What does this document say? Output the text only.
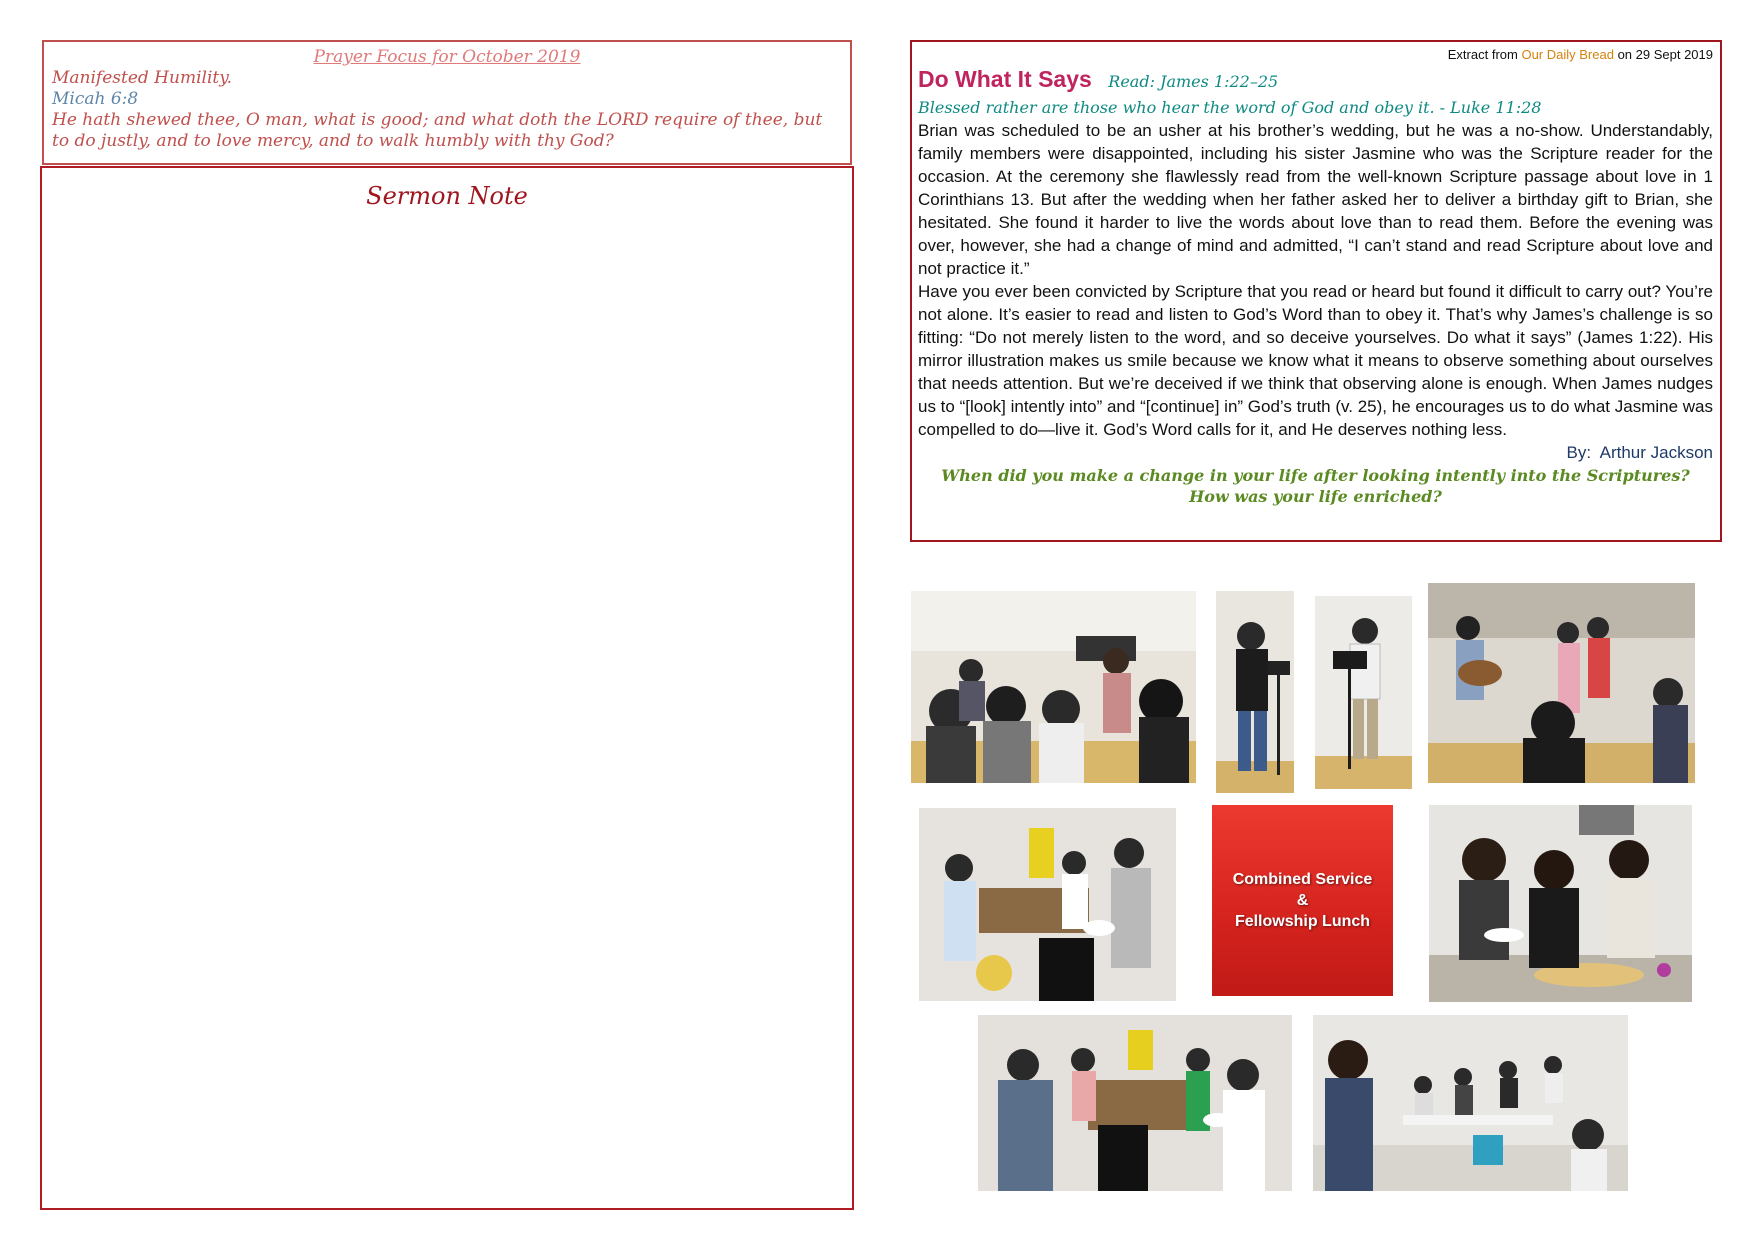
Prayer Focus for October 2019
Manifested Humility.
Micah 6:8
He hath shewed thee, O man, what is good; and what doth the LORD require of thee, but to do justly, and to love mercy, and to walk humbly with thy God?
Sermon Note
Extract from Our Daily Bread on 29 Sept 2019
Do What It Says Read: James 1:22–25
Blessed rather are those who hear the word of God and obey it. - Luke 11:28

Brian was scheduled to be an usher at his brother’s wedding, but he was a no-show. Understandably, family members were disappointed, including his sister Jasmine who was the Scripture reader for the occasion. At the ceremony she flawlessly read from the well-known Scripture passage about love in 1 Corinthians 13. But after the wedding when her father asked her to deliver a birthday gift to Brian, she hesitated. She found it harder to live the words about love than to read them. Before the evening was over, however, she had a change of mind and admitted, “I can’t stand and read Scripture about love and not practice it.”

Have you ever been convicted by Scripture that you read or heard but found it difficult to carry out? You’re not alone. It’s easier to read and listen to God’s Word than to obey it. That’s why James’s challenge is so fitting: “Do not merely listen to the word, and so deceive yourselves. Do what it says” (James 1:22). His mirror illustration makes us smile because we know what it means to observe something about ourselves that needs attention. But we’re deceived if we think that observing alone is enough. When James nudges us to “[look] intently into” and “[continue] in” God’s truth (v. 25), he encourages us to do what Jasmine was compelled to do—live it. God’s Word calls for it, and He deserves nothing less.

By: Arthur Jackson
When did you make a change in your life after looking intently into the Scriptures?
How was your life enriched?
Combined Service
&
Fellowship Lunch
